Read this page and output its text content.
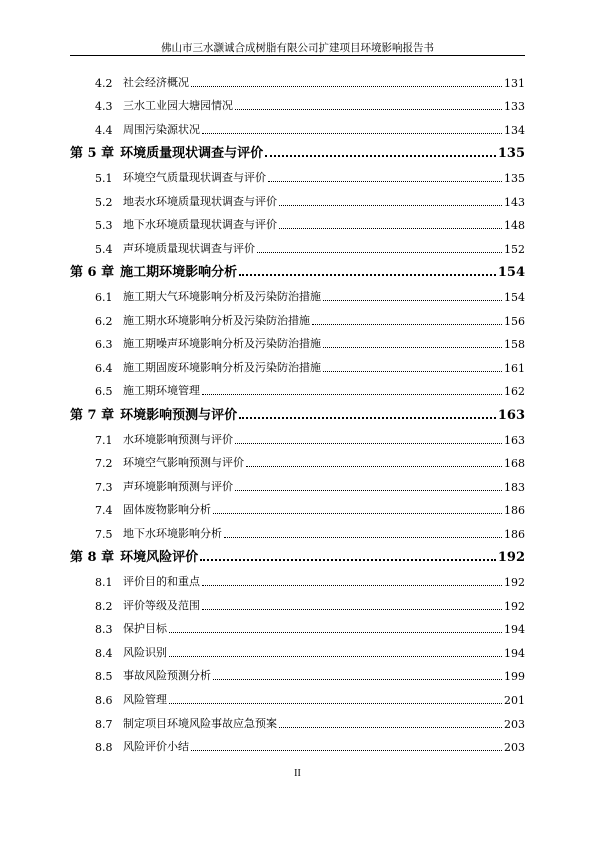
佛山市三水灏诚合成树脂有限公司扩建项目环境影响报告书
4.2 社会经济概况	131
4.3 三水工业园大塘园情况	133
4.4 周围污染源状况	134
第 5 章 环境质量现状调查与评价	135
5.1 环境空气质量现状调查与评价	135
5.2 地表水环境质量现状调查与评价	143
5.3 地下水环境质量现状调查与评价	148
5.4 声环境质量现状调查与评价	152
第 6 章 施工期环境影响分析	154
6.1 施工期大气环境影响分析及污染防治措施	154
6.2 施工期水环境影响分析及污染防治措施	156
6.3 施工期噪声环境影响分析及污染防治措施	158
6.4 施工期固废环境影响分析及污染防治措施	161
6.5 施工期环境管理	162
第 7 章 环境影响预测与评价	163
7.1 水环境影响预测与评价	163
7.2 环境空气影响预测与评价	168
7.3 声环境影响预测与评价	183
7.4 固体废物影响分析	186
7.5 地下水环境影响分析	186
第 8 章 环境风险评价	192
8.1 评价目的和重点	192
8.2 评价等级及范围	192
8.3 保护目标	194
8.4 风险识别	194
8.5 事故风险预测分析	199
8.6 风险管理	201
8.7 制定项目环境风险事故应急预案	203
8.8 风险评价小结	203
II
